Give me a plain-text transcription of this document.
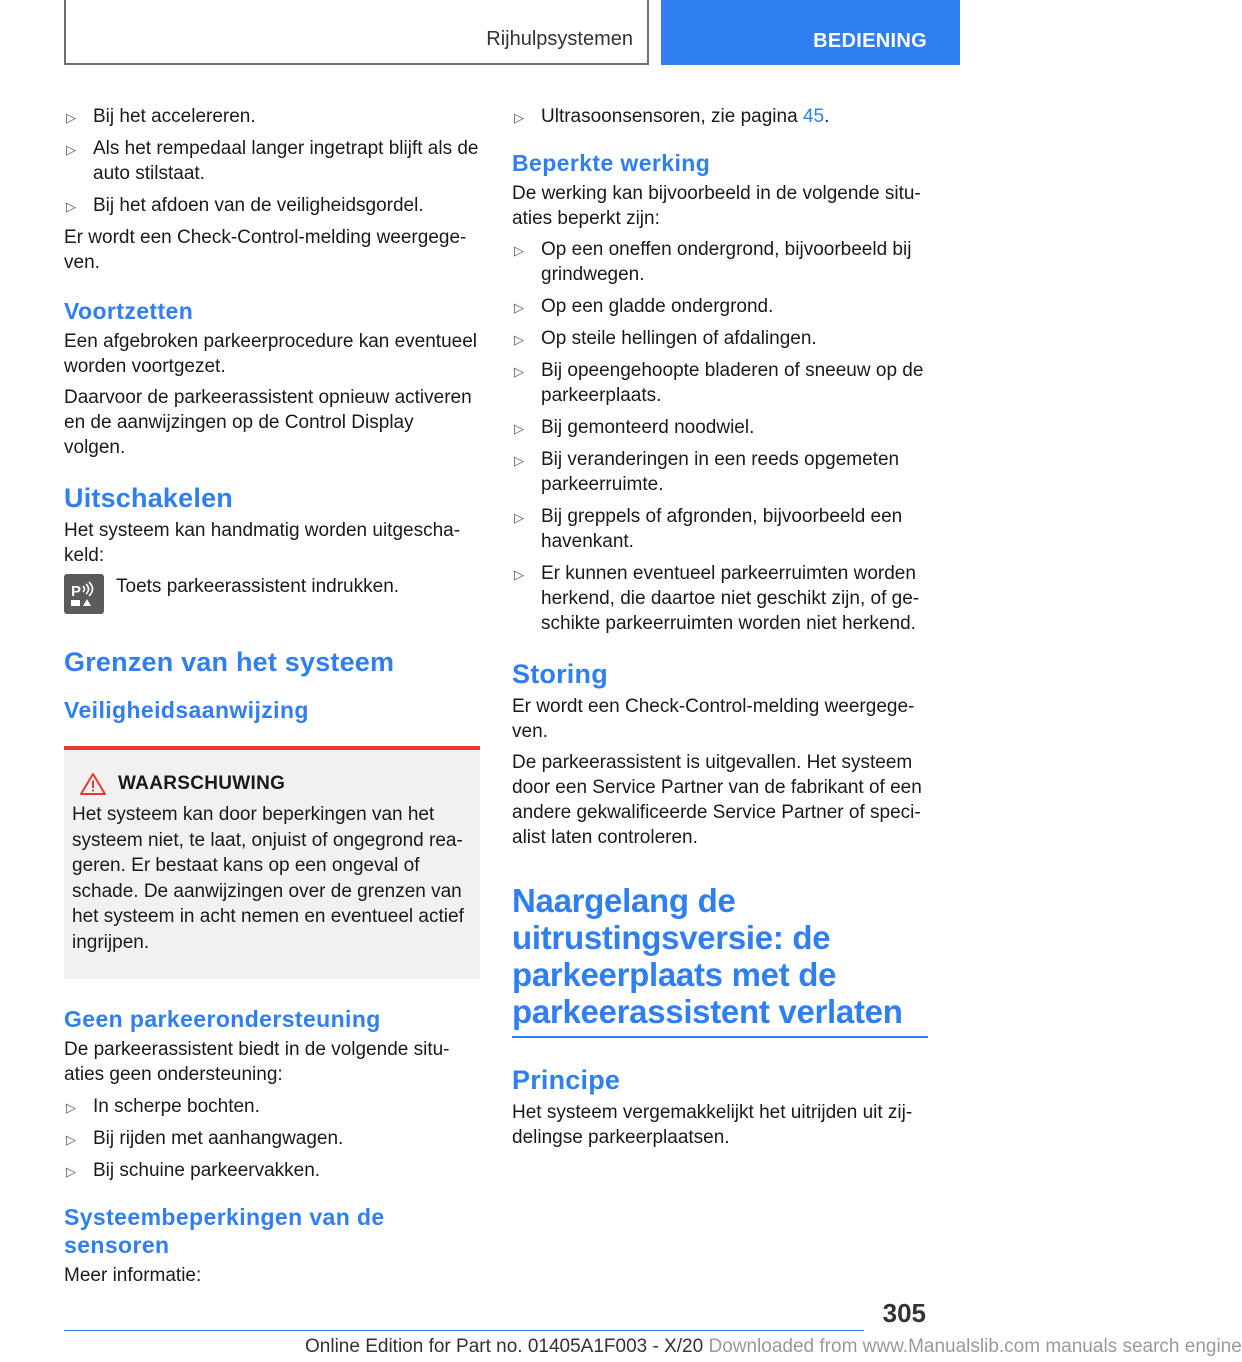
Rijhulpsystemen	BEDIENING
▷ Bij het accelereren.
▷ Als het rempedaal langer ingetrapt blijft als de auto stilstaat.
▷ Bij het afdoen van de veiligheidsgordel.

Er wordt een Check-Control-melding weergege-ven.

Voortzetten

Een afgebroken parkeerprocedure kan eventueel worden voortgezet.

Daarvoor de parkeerassistent opnieuw activeren en de aanwijzingen op de Control Display volgen.

Uitschakelen

Het systeem kan handmatig worden uitgescha-keld:

P Toets parkeerassistent indrukken.
Grenzen van het systeem
Veiligheidsaanwijzing
WAARSCHUWING

Het systeem kan door beperkingen van het systeem niet, te laat, onjuist of ongegrond rea-geren. Er bestaat kans op een ongeval of schade. De aanwijzingen over de grenzen van het systeem in acht nemen en eventueel actief ingrijpen.

Geen parkeerondersteuning

De parkeerassistent biedt in de volgende situ-aties geen ondersteuning:

▷ In scherpe bochten.
▷ Bij rijden met aanhangwagen.
▷ Bij schuine parkeervakken.
Systeembeperkingen van de sensoren

Meer informatie:

▷ Ultrasoonsensoren, zie pagina 45.
Beperkte werking

De werking kan bijvoorbeeld in de volgende situ-aties beperkt zijn:

▷ Op een oneffen ondergrond, bijvoorbeeld bij grindwegen.
▷ Op een gladde ondergrond.
▷ Op steile hellingen of afdalingen.
▷ Bij opeengehoopte bladeren of sneeuw op de parkeerplaats.
▷ Bij gemonteerd noodwiel.
▷ Bij veranderingen in een reeds opgemeten parkeerruimte.
▷ Bij greppels of afgronden, bijvoorbeeld een havenkant.
▷ Er kunnen eventueel parkeerruimten worden herkend, die daartoe niet geschikt zijn, of ge-schikte parkeerruimten worden niet herkend.
Storing

Er wordt een Check-Control-melding weergege-ven.

De parkeerassistent is uitgevallen. Het systeem door een Service Partner van de fabrikant of een andere gekwalificeerde Service Partner of speci-alist laten controleren.

Naargelang de uitrustingsversie: de parkeerplaats met de parkeerassistent verlaten
Principe

Het systeem vergemakkelijkt het uitrijden uit zij-delingse parkeerplaatsen.

305
Online Edition for Part no. 01405A1F003 - X/20 Downloaded from www.Manualslib.com manuals search engine
